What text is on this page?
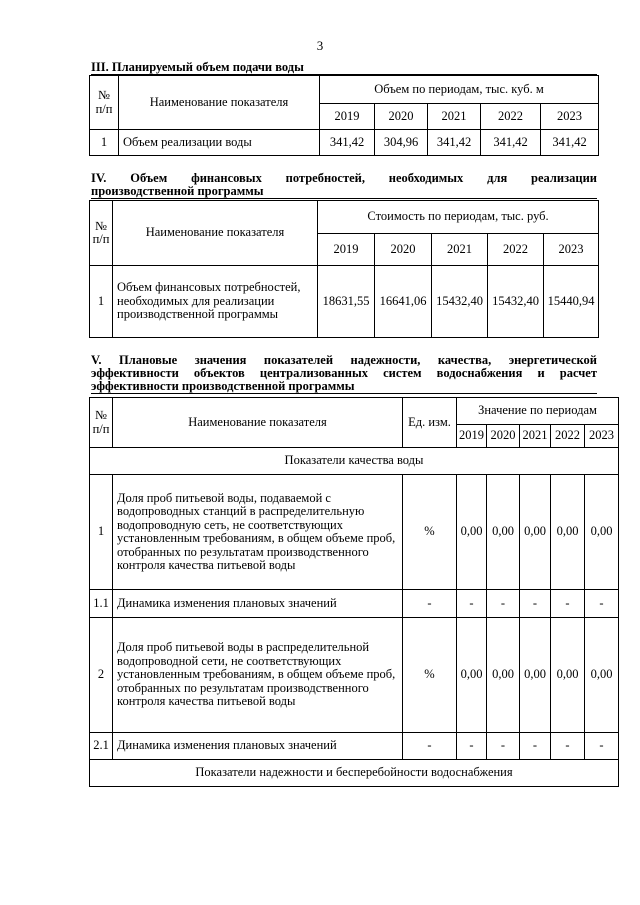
3
III. Планируемый объем подачи воды
№ п/п	Наименование показателя	Объем по периодам, тыс. куб. м				
		2019	2020	2021	2022	2023
1	Объем реализации воды	341,42	304,96	341,42	341,42	341,42
IV. Объем финансовых потребностей, необходимых для реализации
производственной программы
№ п/п	Наименование показателя	Стоимость по периодам, тыс. руб.				
		2019	2020	2021	2022	2023
1	Объем финансовых потребностей, необходимых для реализации производственной программы	18631,55	16641,06	15432,40	15432,40	15440,94
V. Плановые значения показателей надежности, качества, энергетической
эффективности объектов централизованных систем водоснабжения и расчет
эффективности производственной программы
№ п/п	Наименование показателя	Ед. изм.	Значение по периодам				
			2019	2020	2021	2022	2023
Показатели качества воды							
1	Доля проб питьевой воды, подаваемой с водопроводных станций в распределительную водопроводную сеть, не соответствующих установленным требованиям, в общем объеме проб, отобранных по результатам производственного контроля качества питьевой воды	%	0,00	0,00	0,00	0,00	0,00
1.1	Динамика изменения плановых значений	-	-	-	-	-	-
2	Доля проб питьевой воды в распределительной водопроводной сети, не соответствующих установленным требованиям, в общем объеме проб, отобранных по результатам производственного контроля качества питьевой воды	%	0,00	0,00	0,00	0,00	0,00
2.1	Динамика изменения плановых значений	-	-	-	-	-	-
Показатели надежности и бесперебойности водоснабжения							
